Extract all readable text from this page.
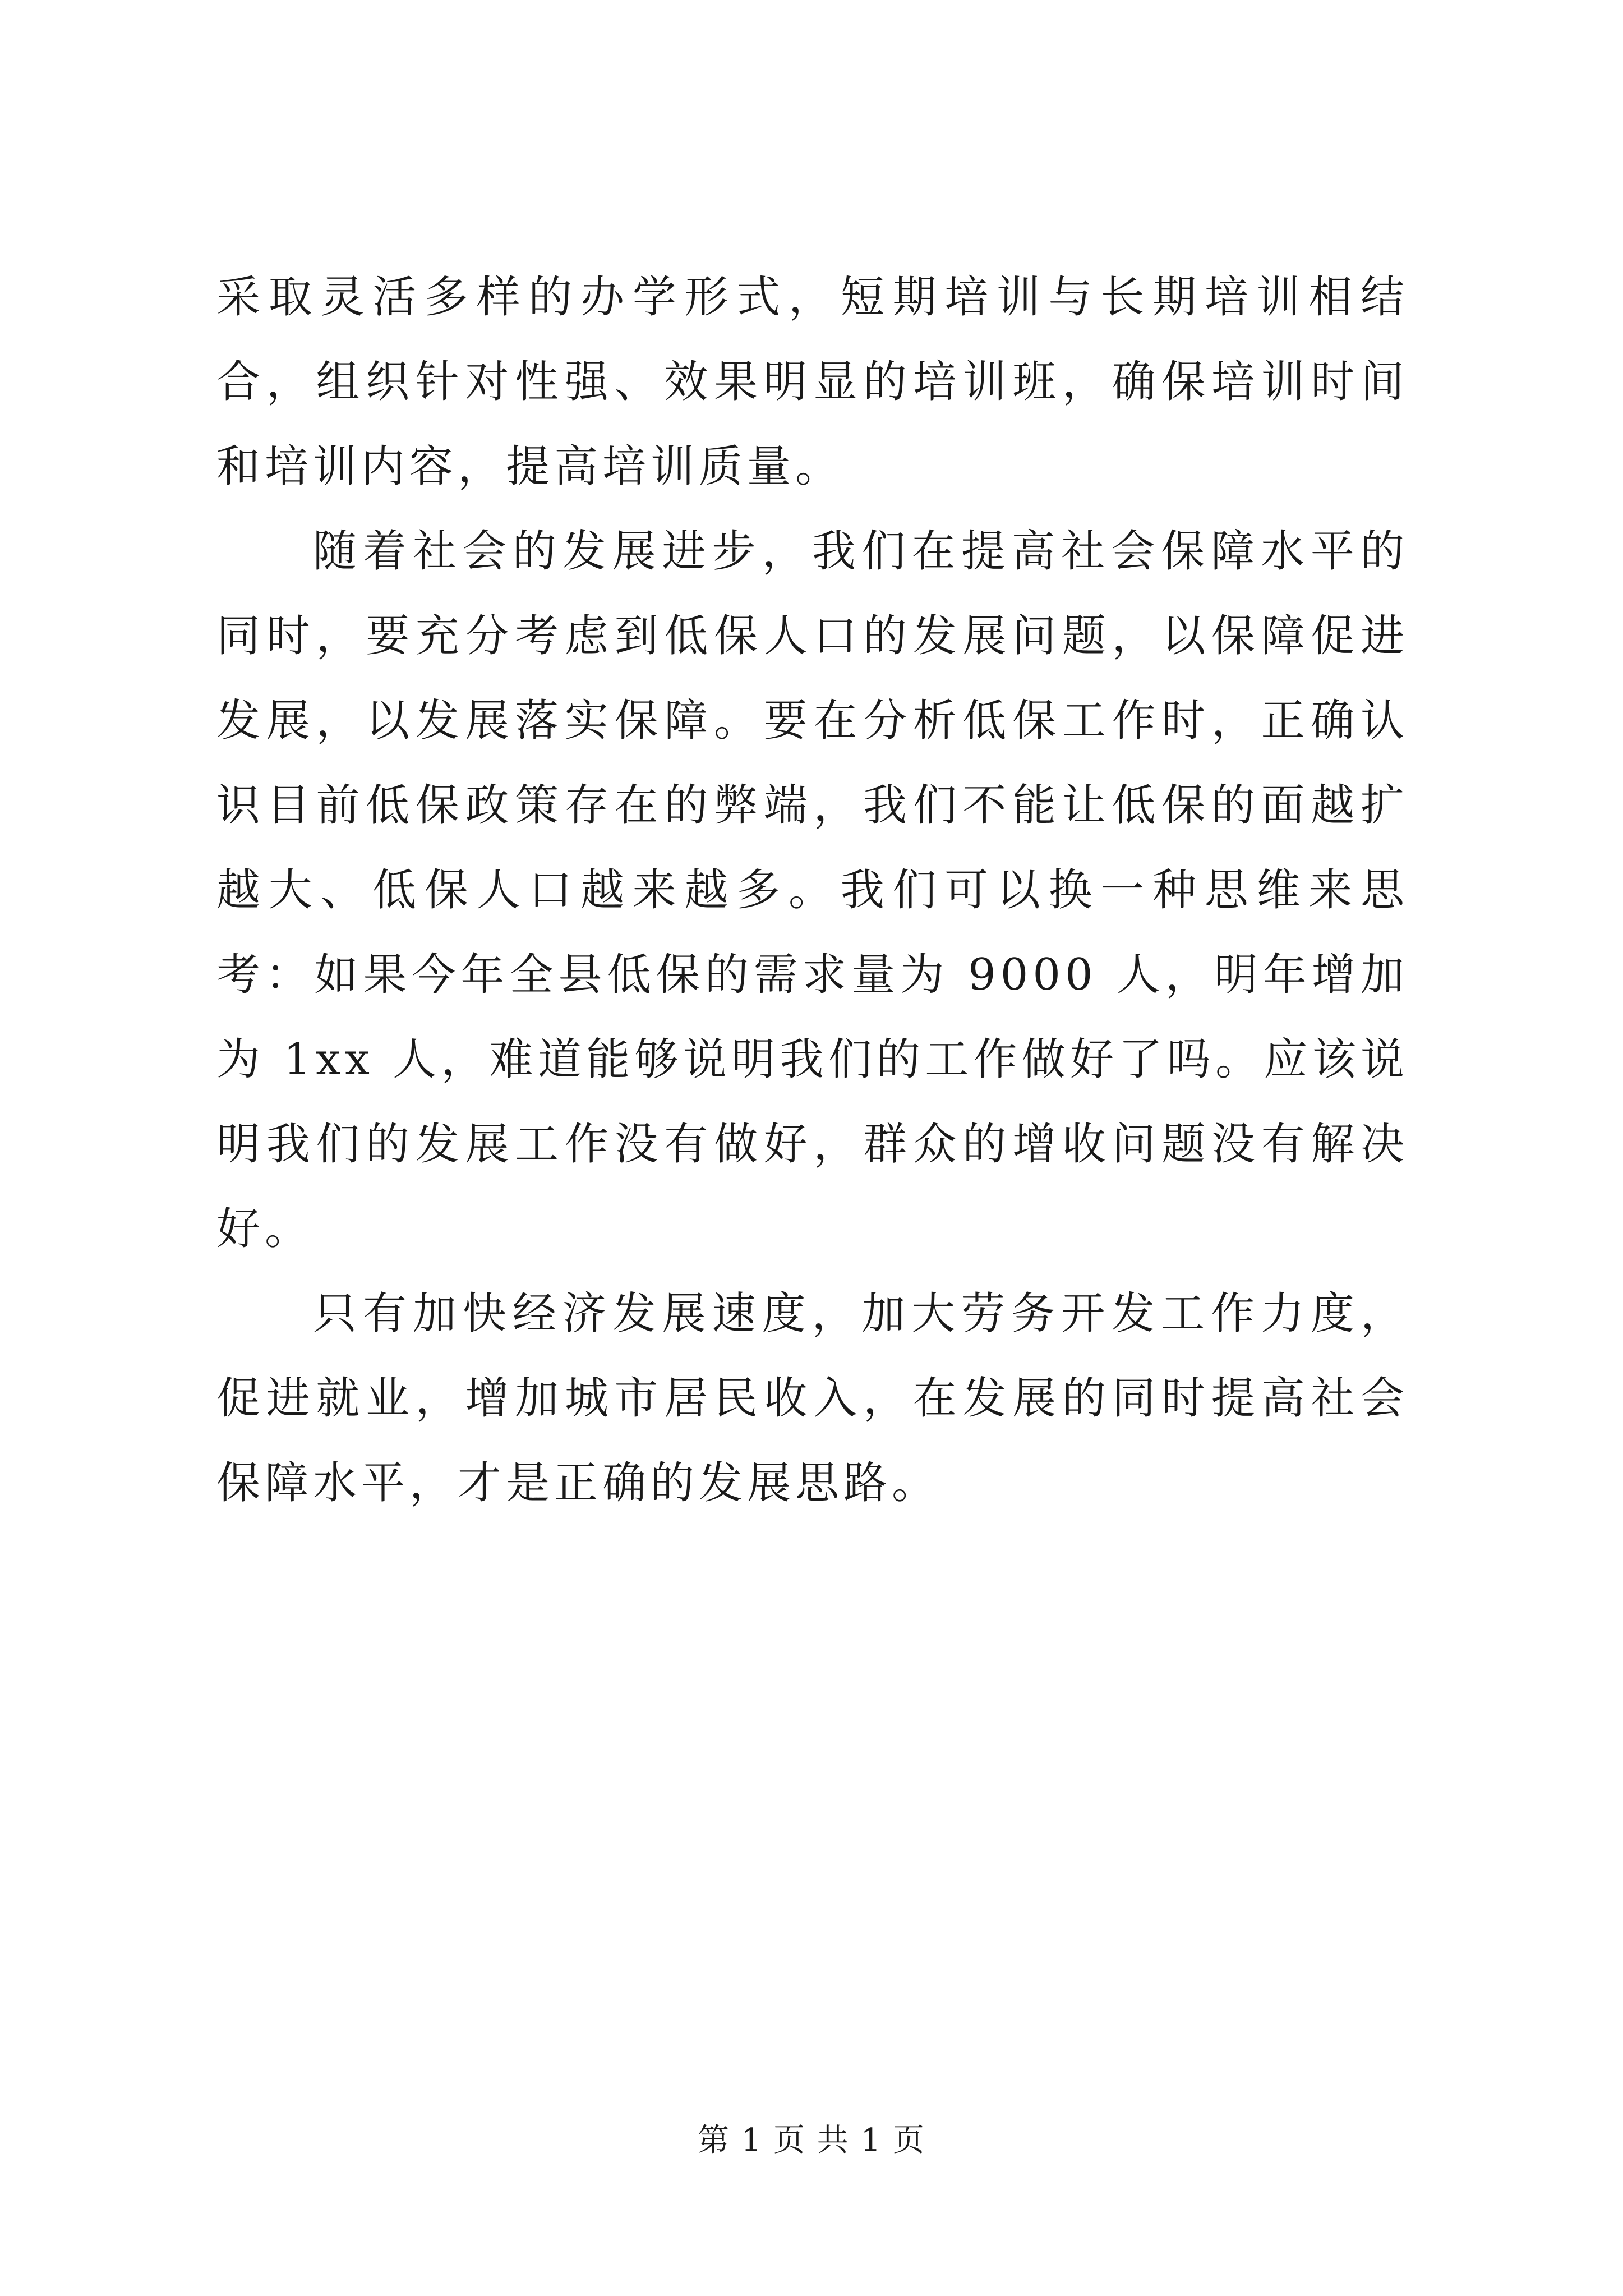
采取灵活多样的办学形式，短期培训与长期培训相结合，组织针对性强、效果明显的培训班，确保培训时间和培训内容，提高培训质量。

随着社会的发展进步，我们在提高社会保障水平的同时，要充分考虑到低保人口的发展问题，以保障促进发展，以发展落实保障。要在分析低保工作时，正确认识目前低保政策存在的弊端，我们不能让低保的面越扩越大、低保人口越来越多。我们可以换一种思维来思考：如果今年全县低保的需求量为 9000 人，明年增加为 1xx 人，难道能够说明我们的工作做好了吗。应该说明我们的发展工作没有做好，群众的增收问题没有解决好。

只有加快经济发展速度，加大劳务开发工作力度，促进就业，增加城市居民收入，在发展的同时提高社会保障水平，才是正确的发展思路。

第 1 页 共 1 页
